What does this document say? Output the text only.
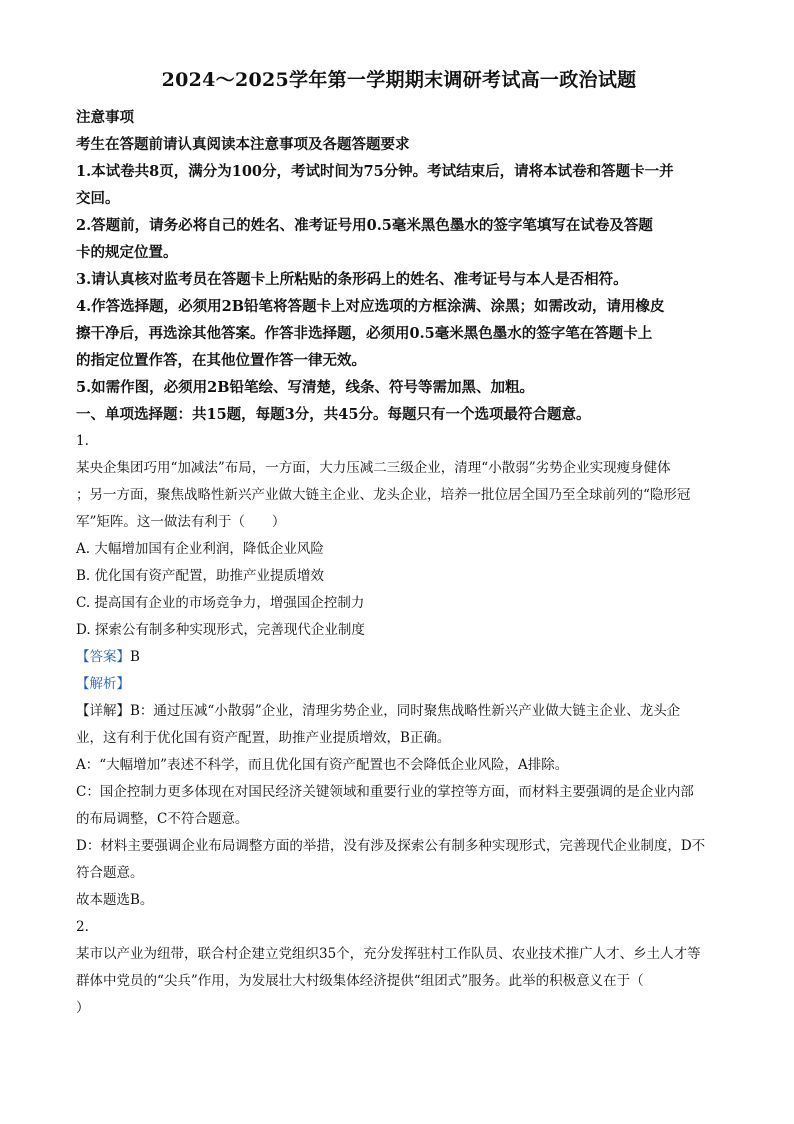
2024～2025学年第一学期期末调研考试高一政治试题

注意事项

考生在答题前请认真阅读本注意事项及各题答题要求

1.本试卷共8页，满分为100分，考试时间为75分钟。考试结束后，请将本试卷和答题卡一并

交回。

2.答题前，请务必将自己的姓名、准考证号用0.5毫米黑色墨水的签字笔填写在试卷及答题

卡的规定位置。

3.请认真核对监考员在答题卡上所粘贴的条形码上的姓名、准考证号与本人是否相符。

4.作答选择题，必须用2B铅笔将答题卡上对应选项的方框涂满、涂黑；如需改动，请用橡皮

擦干净后，再选涂其他答案。作答非选择题，必须用0.5毫米黑色墨水的签字笔在答题卡上

的指定位置作答，在其他位置作答一律无效。

5.如需作图，必须用2B铅笔绘、写清楚，线条、符号等需加黑、加粗。

一、单项选择题：共15题，每题3分，共45分。每题只有一个选项最符合题意。

1.

某央企集团巧用“加减法”布局，一方面，大力压减二三级企业，清理“小散弱”劣势企业实现瘦身健体

；另一方面，聚焦战略性新兴产业做大链主企业、龙头企业，培养一批位居全国乃至全球前列的“隐形冠

军”矩阵。这一做法有利于（　　）

A. 大幅增加国有企业利润，降低企业风险

B. 优化国有资产配置，助推产业提质增效

C. 提高国有企业的市场竞争力，增强国企控制力

D. 探索公有制多种实现形式，完善现代企业制度

【答案】B

【解析】

【详解】B：通过压减“小散弱”企业，清理劣势企业，同时聚焦战略性新兴产业做大链主企业、龙头企

业，这有利于优化国有资产配置，助推产业提质增效，B正确。

A：“大幅增加”表述不科学，而且优化国有资产配置也不会降低企业风险，A排除。

C：国企控制力更多体现在对国民经济关键领域和重要行业的掌控等方面，而材料主要强调的是企业内部

的布局调整，C不符合题意。

D：材料主要强调企业布局调整方面的举措，没有涉及探索公有制多种实现形式，完善现代企业制度，D不

符合题意。

故本题选B。

2.

某市以产业为纽带，联合村企建立党组织35个，充分发挥驻村工作队员、农业技术推广人才、乡土人才等

群体中党员的“尖兵”作用，为发展壮大村级集体经济提供“组团式”服务。此举的积极意义在于（

）
